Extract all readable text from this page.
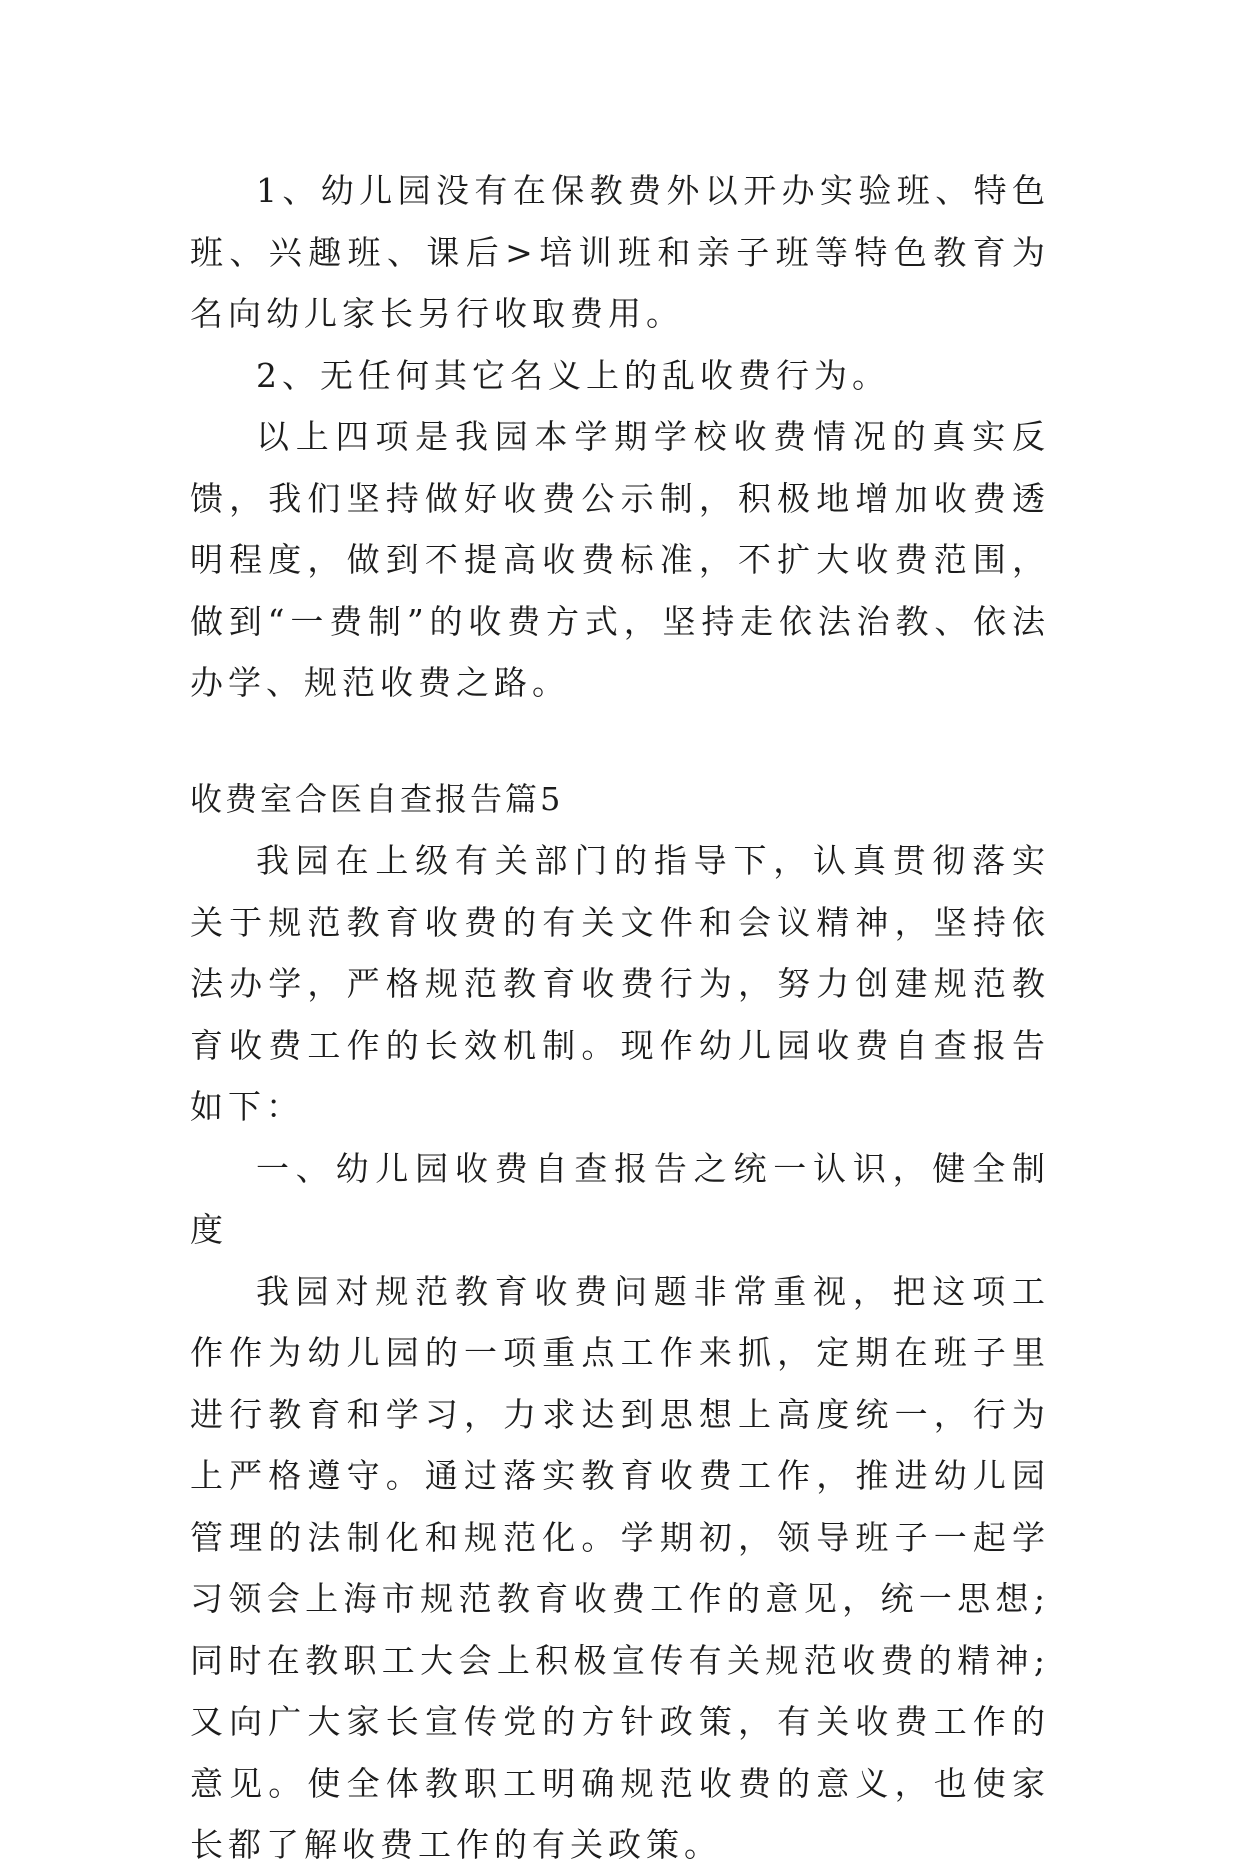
1、幼儿园没有在保教费外以开办实验班、特色班、兴趣班、课后>培训班和亲子班等特色教育为名向幼儿家长另行收取费用。

2、无任何其它名义上的乱收费行为。

以上四项是我园本学期学校收费情况的真实反馈，我们坚持做好收费公示制，积极地增加收费透明程度，做到不提高收费标准，不扩大收费范围，做到“一费制”的收费方式，坚持走依法治教、依法办学、规范收费之路。

收费室合医自查报告篇5

我园在上级有关部门的指导下，认真贯彻落实关于规范教育收费的有关文件和会议精神，坚持依法办学，严格规范教育收费行为，努力创建规范教育收费工作的长效机制。现作幼儿园收费自查报告如下：

一、幼儿园收费自查报告之统一认识，健全制度

我园对规范教育收费问题非常重视，把这项工作作为幼儿园的一项重点工作来抓，定期在班子里进行教育和学习，力求达到思想上高度统一，行为上严格遵守。通过落实教育收费工作，推进幼儿园管理的法制化和规范化。学期初，领导班子一起学习领会上海市规范教育收费工作的意见，统一思想;同时在教职工大会上积极宣传有关规范收费的精神;又向广大家长宣传党的方针政策，有关收费工作的意见。使全体教职工明确规范收费的意义，也使家长都了解收费工作的有关政策。
